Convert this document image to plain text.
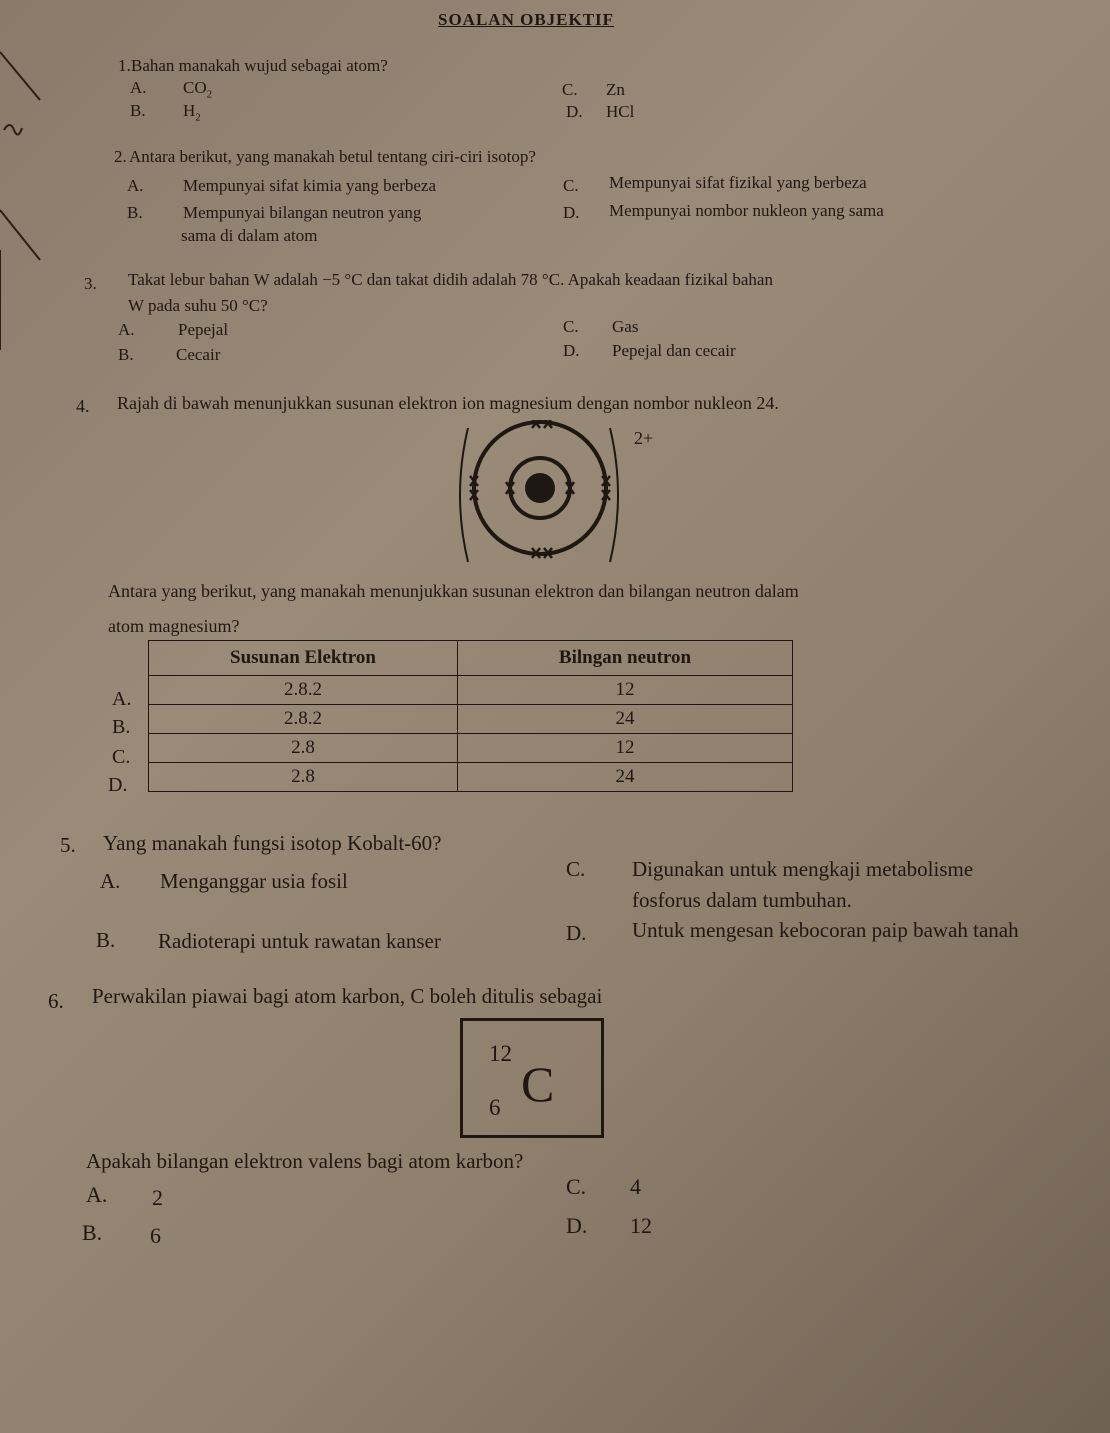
SOALAN OBJEKTIF
1. Bahan manakah wujud sebagai atom?
A. $CO_2$
B. $H_2$
C. Zn
D. HCl
2. Antara berikut, yang manakah betul tentang ciri-ciri isotop?
A. Mempunyai sifat kimia yang berbeza
B. Mempunyai bilangan neutron yang
sama di dalam atom
C. Mempunyai sifat fizikal yang berbeza
D. Mempunyai nombor nukleon yang sama
3. Takat lebur bahan W adalah −5 °C dan takat didih adalah 78 °C. Apakah keadaan fizikal bahan
W pada suhu 50 °C?
A.	Pepejal
B. Cecair
C. Gas
D. Pepejal dan cecair
4. Rajah di bawah menunjukkan susunan elektron ion magnesium dengan nombor nukleon 24.
2+
Antara yang berikut, yang manakah menunjukkan susunan elektron dan bilangan neutron dalam
atom magnesium?
A.
B.
C.
D.
Susunan Elektron	Bilngan neutron
2.8.2	12
2.8.2	24
2.8	12
2.8	24
5. Yang manakah fungsi isotop Kobalt-60?
A. Menganggar usia fosil
B. Radioterapi untuk rawatan kanser
C. Digunakan untuk mengkaji metabolisme
fosforus dalam tumbuhan.
D. Untuk mengesan kebocoran paip bawah tanah
6. Perwakilan piawai bagi atom karbon, C boleh ditulis sebagai
12
6 C
Apakah bilangan elektron valens bagi atom karbon?
A. 2
B. 6
C. 4
D. 12
